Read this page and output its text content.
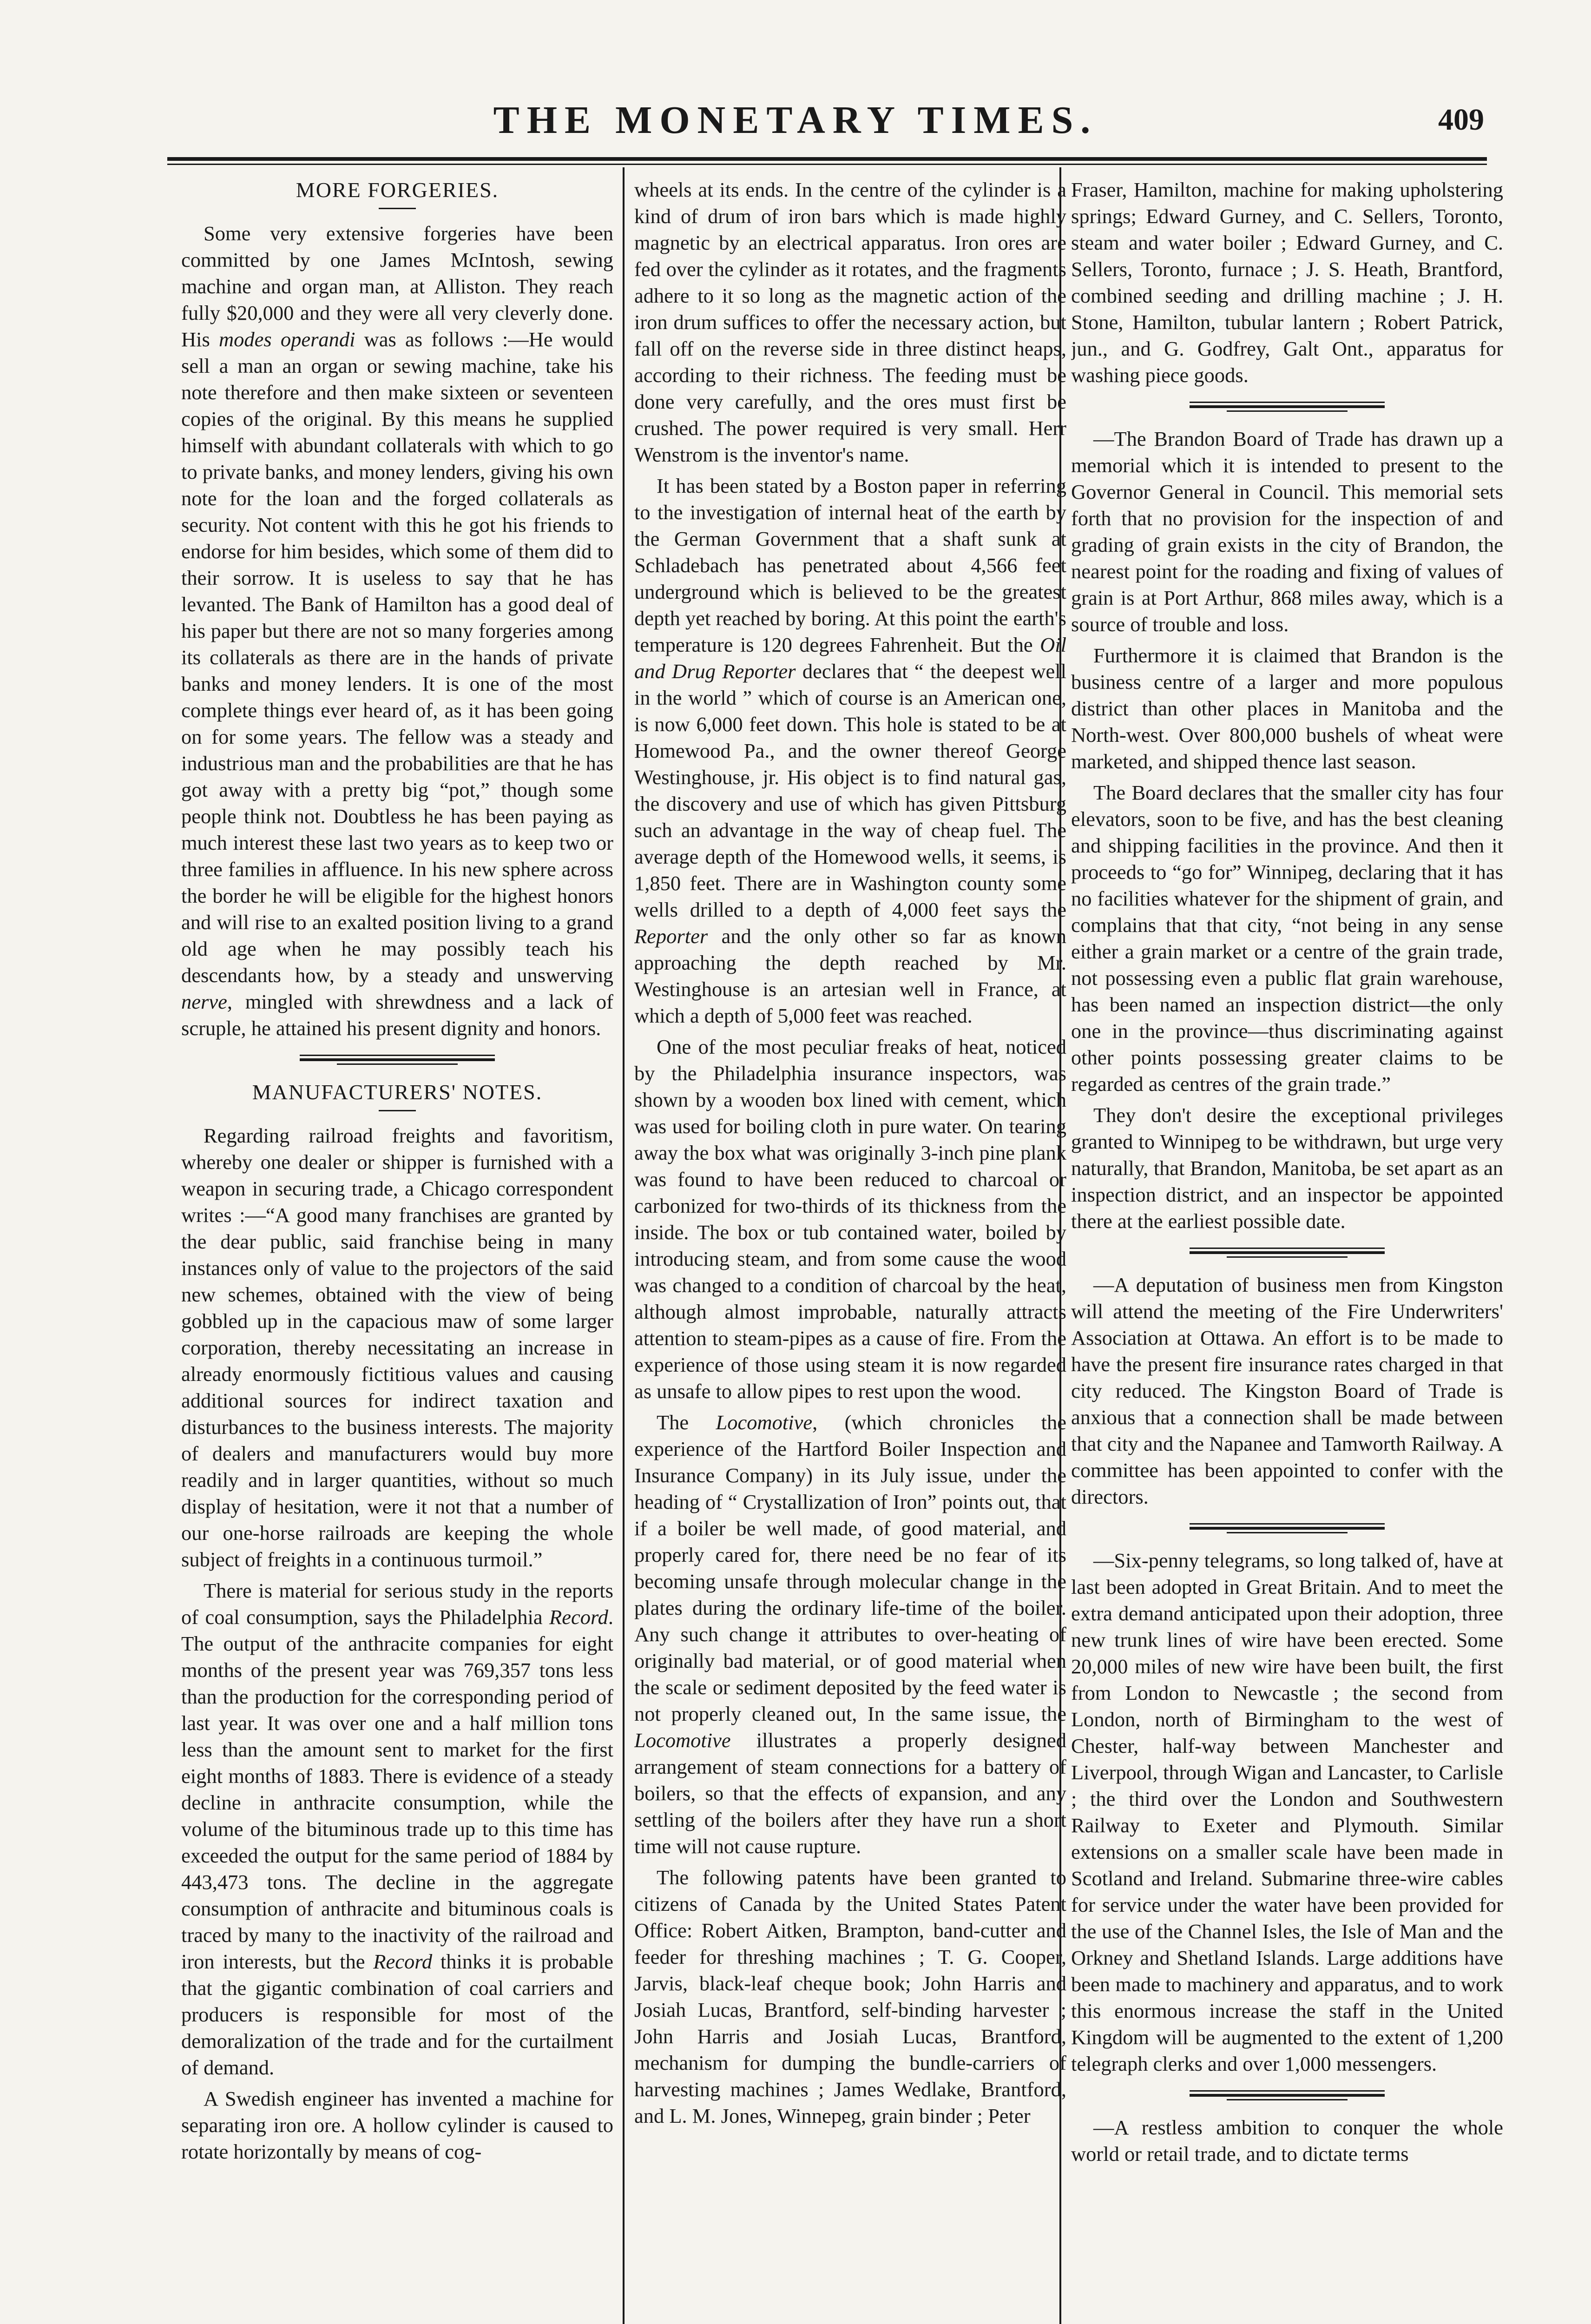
THE MONETARY TIMES.	409
MORE FORGERIES.

Some very extensive forgeries have been committed by one James McIntosh, sewing machine and organ man, at Alliston. They reach fully $20,000 and they were all very cleverly done. His modes operandi was as follows :—He would sell a man an organ or sewing machine, take his note therefore and then make sixteen or seventeen copies of the original. By this means he supplied himself with abundant collaterals with which to go to private banks, and money lenders, giving his own note for the loan and the forged collaterals as security. Not content with this he got his friends to endorse for him besides, which some of them did to their sorrow. It is useless to say that he has levanted. The Bank of Hamilton has a good deal of his paper but there are not so many forgeries among its collaterals as there are in the hands of private banks and money lenders. It is one of the most complete things ever heard of, as it has been going on for some years. The fellow was a steady and industrious man and the probabilities are that he has got away with a pretty big “pot,” though some people think not. Doubtless he has been paying as much interest these last two years as to keep two or three families in affluence. In his new sphere across the border he will be eligible for the highest honors and will rise to an exalted position living to a grand old age when he may possibly teach his descendants how, by a steady and unswerving nerve, mingled with shrewdness and a lack of scruple, he attained his present dignity and honors.

MANUFACTURERS' NOTES.

Regarding railroad freights and favoritism, whereby one dealer or shipper is furnished with a weapon in securing trade, a Chicago correspondent writes :—“A good many franchises are granted by the dear public, said franchise being in many instances only of value to the projectors of the said new schemes, obtained with the view of being gobbled up in the capacious maw of some larger corporation, thereby necessitating an increase in already enormously fictitious values and causing additional sources for indirect taxation and disturbances to the business interests. The majority of dealers and manufacturers would buy more readily and in larger quantities, without so much display of hesitation, were it not that a number of our one-horse railroads are keeping the whole subject of freights in a continuous turmoil.”

There is material for serious study in the reports of coal consumption, says the Philadelphia Record. The output of the anthracite companies for eight months of the present year was 769,357 tons less than the production for the corresponding period of last year. It was over one and a half million tons less than the amount sent to market for the first eight months of 1883. There is evidence of a steady decline in anthracite consumption, while the volume of the bituminous trade up to this time has exceeded the output for the same period of 1884 by 443,473 tons. The decline in the aggregate consumption of anthracite and bituminous coals is traced by many to the inactivity of the railroad and iron interests, but the Record thinks it is probable that the gigantic combination of coal carriers and producers is responsible for most of the demoralization of the trade and for the curtailment of demand.

A Swedish engineer has invented a machine for separating iron ore. A hollow cylinder is caused to rotate horizontally by means of cog-

wheels at its ends. In the centre of the cylinder is a kind of drum of iron bars which is made highly magnetic by an electrical apparatus. Iron ores are fed over the cylinder as it rotates, and the fragments adhere to it so long as the magnetic action of the iron drum suffices to offer the necessary action, but fall off on the reverse side in three distinct heaps, according to their richness. The feeding must be done very carefully, and the ores must first be crushed. The power required is very small. Herr Wenstrom is the inventor's name.

It has been stated by a Boston paper in referring to the investigation of internal heat of the earth by the German Government that a shaft sunk at Schladebach has penetrated about 4,566 feet underground which is believed to be the greatest depth yet reached by boring. At this point the earth's temperature is 120 degrees Fahrenheit. But the Oil and Drug Reporter declares that “ the deepest well in the world ” which of course is an American one, is now 6,000 feet down. This hole is stated to be at Homewood Pa., and the owner thereof George Westinghouse, jr. His object is to find natural gas, the discovery and use of which has given Pittsburg such an advantage in the way of cheap fuel. The average depth of the Homewood wells, it seems, is 1,850 feet. There are in Washington county some wells drilled to a depth of 4,000 feet says the Reporter and the only other so far as known approaching the depth reached by Mr. Westinghouse is an artesian well in France, at which a depth of 5,000 feet was reached.

One of the most peculiar freaks of heat, noticed by the Philadelphia insurance inspectors, was shown by a wooden box lined with cement, which was used for boiling cloth in pure water. On tearing away the box what was originally 3-inch pine plank was found to have been reduced to charcoal or carbonized for two-thirds of its thickness from the inside. The box or tub contained water, boiled by introducing steam, and from some cause the wood was changed to a condition of charcoal by the heat, although almost improbable, naturally attracts attention to steam-pipes as a cause of fire. From the experience of those using steam it is now regarded as unsafe to allow pipes to rest upon the wood.

The Locomotive, (which chronicles the experience of the Hartford Boiler Inspection and Insurance Company) in its July issue, under the heading of “ Crystallization of Iron” points out, that if a boiler be well made, of good material, and properly cared for, there need be no fear of its becoming unsafe through molecular change in the plates during the ordinary life-time of the boiler. Any such change it attributes to over-heating of originally bad material, or of good material when the scale or sediment deposited by the feed water is not properly cleaned out, In the same issue, the Locomotive illustrates a properly designed arrangement of steam connections for a battery of boilers, so that the effects of expansion, and any settling of the boilers after they have run a short time will not cause rupture.

The following patents have been granted to citizens of Canada by the United States Patent Office: Robert Aitken, Brampton, band-cutter and feeder for threshing machines ; T. G. Cooper, Jarvis, black-leaf cheque book; John Harris and Josiah Lucas, Brantford, self-binding harvester ; John Harris and Josiah Lucas, Brantford, mechanism for dumping the bundle-carriers of harvesting machines ; James Wedlake, Brantford, and L. M. Jones, Winnepeg, grain binder ; Peter

Fraser, Hamilton, machine for making upholstering springs; Edward Gurney, and C. Sellers, Toronto, steam and water boiler ; Edward Gurney, and C. Sellers, Toronto, furnace ; J. S. Heath, Brantford, combined seeding and drilling machine ; J. H. Stone, Hamilton, tubular lantern ; Robert Patrick, jun., and G. Godfrey, Galt Ont., apparatus for washing piece goods.

—The Brandon Board of Trade has drawn up a memorial which it is intended to present to the Governor General in Council. This memorial sets forth that no provision for the inspection of and grading of grain exists in the city of Brandon, the nearest point for the roading and fixing of values of grain is at Port Arthur, 868 miles away, which is a source of trouble and loss.

Furthermore it is claimed that Brandon is the business centre of a larger and more populous district than other places in Manitoba and the North-west. Over 800,000 bushels of wheat were marketed, and shipped thence last season.

The Board declares that the smaller city has four elevators, soon to be five, and has the best cleaning and shipping facilities in the province. And then it proceeds to “go for” Winnipeg, declaring that it has no facilities whatever for the shipment of grain, and complains that that city, “not being in any sense either a grain market or a centre of the grain trade, not possessing even a public flat grain warehouse, has been named an inspection district—the only one in the province—thus discriminating against other points possessing greater claims to be regarded as centres of the grain trade.”

They don't desire the exceptional privileges granted to Winnipeg to be withdrawn, but urge very naturally, that Brandon, Manitoba, be set apart as an inspection district, and an inspector be appointed there at the earliest possible date.

—A deputation of business men from Kingston will attend the meeting of the Fire Underwriters' Association at Ottawa. An effort is to be made to have the present fire insurance rates charged in that city reduced. The Kingston Board of Trade is anxious that a connection shall be made between that city and the Napanee and Tamworth Railway. A committee has been appointed to confer with the directors.

—Six-penny telegrams, so long talked of, have at last been adopted in Great Britain. And to meet the extra demand anticipated upon their adoption, three new trunk lines of wire have been erected. Some 20,000 miles of new wire have been built, the first from London to Newcastle ; the second from London, north of Birmingham to the west of Chester, half-way between Manchester and Liverpool, through Wigan and Lancaster, to Carlisle ; the third over the London and Southwestern Railway to Exeter and Plymouth. Similar extensions on a smaller scale have been made in Scotland and Ireland. Submarine three-wire cables for service under the water have been provided for the use of the Channel Isles, the Isle of Man and the Orkney and Shetland Islands. Large additions have been made to machinery and apparatus, and to work this enormous increase the staff in the United Kingdom will be augmented to the extent of 1,200 telegraph clerks and over 1,000 messengers.

—A restless ambition to conquer the whole world or retail trade, and to dictate terms
